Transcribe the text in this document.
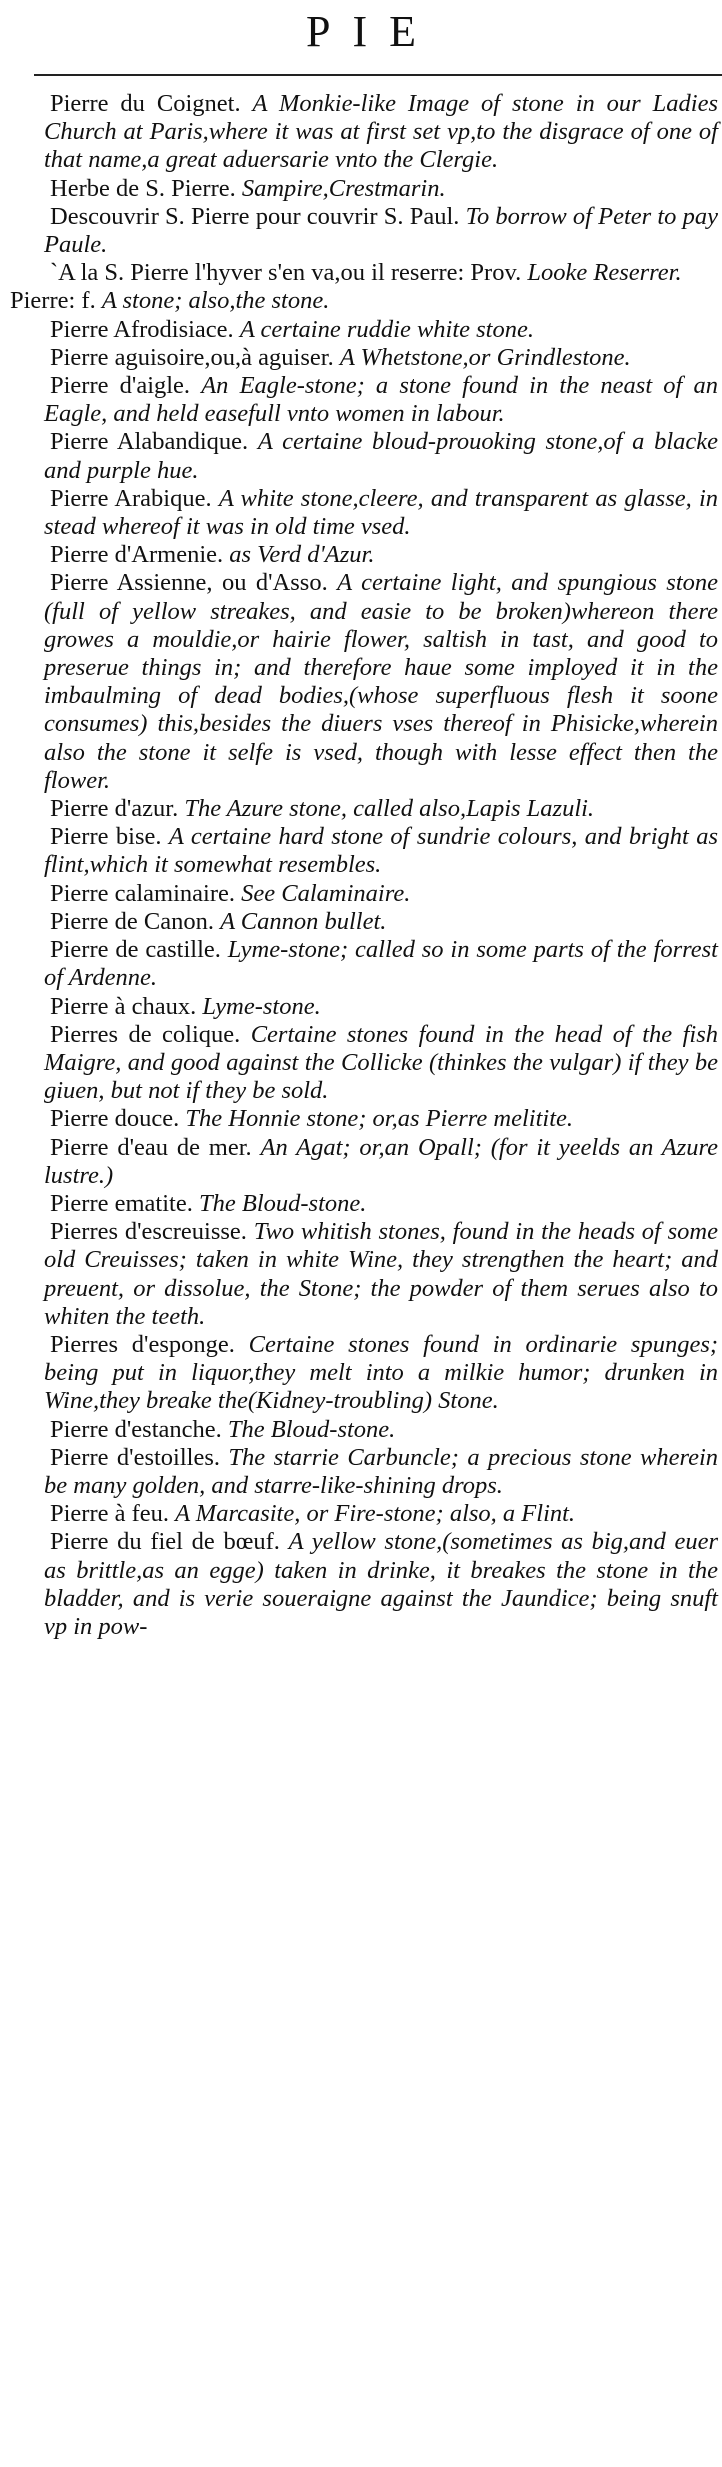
PIE
Pierre du Coignet. A Monkie-like Image of stone in our Ladies Church at Paris,where it was at first set vp,to the disgrace of one of that name,a great aduersarie vnto the Clergie.
Herbe de S. Pierre. Sampire,Crestmarin.
Descouvrir S. Pierre pour couvrir S. Paul. To borrow of Peter to pay Paule.
`A la S. Pierre l'hyver s'en va,ou il reserre: Prov. Looke Reserrer.
Pierre: f. A stone; also,the stone.
Pierre Afrodisiace. A certaine ruddie white stone.
Pierre aguisoire,ou,à aguiser. A Whetstone,or Grindlestone.
Pierre d'aigle. An Eagle-stone; a stone found in the neast of an Eagle, and held easefull vnto women in labour.
Pierre Alabandique. A certaine bloud-prouoking stone,of a blacke and purple hue.
Pierre Arabique. A white stone,cleere, and transparent as glasse, in stead whereof it was in old time vsed.
Pierre d'Armenie. as Verd d'Azur.
Pierre Assienne, ou d'Asso. A certaine light, and spungious stone (full of yellow streakes, and easie to be broken)whereon there growes a mouldie,or hairie flower, saltish in tast, and good to preserue things in; and therefore haue some imployed it in the imbaulming of dead bodies,(whose superfluous flesh it soone consumes) this,besides the diuers vses thereof in Phisicke,wherein also the stone it selfe is vsed, though with lesse effect then the flower.
Pierre d'azur. The Azure stone, called also,Lapis Lazuli.
Pierre bise. A certaine hard stone of sundrie colours, and bright as flint,which it somewhat resembles.
Pierre calaminaire. See Calaminaire.
Pierre de Canon. A Cannon bullet.
Pierre de castille. Lyme-stone; called so in some parts of the forrest of Ardenne.
Pierre à chaux. Lyme-stone.
Pierres de colique. Certaine stones found in the head of the fish Maigre, and good against the Collicke (thinkes the vulgar) if they be giuen, but not if they be sold.
Pierre douce. The Honnie stone; or,as Pierre melitite.
Pierre d'eau de mer. An Agat; or,an Opall; (for it yeelds an Azure lustre.)
Pierre ematite. The Bloud-stone.
Pierres d'escreuisse. Two whitish stones, found in the heads of some old Creuisses; taken in white Wine, they strengthen the heart; and preuent, or dissolue, the Stone; the powder of them serues also to whiten the teeth.
Pierres d'esponge. Certaine stones found in ordinarie spunges; being put in liquor,they melt into a milkie humor; drunken in Wine,they breake the(Kidney-troubling) Stone.
Pierre d'estanche. The Bloud-stone.
Pierre d'estoilles. The starrie Carbuncle; a precious stone wherein be many golden, and starre-like-shining drops.
Pierre à feu. A Marcasite, or Fire-stone; also, a Flint.
Pierre du fiel de bœuf. A yellow stone,(sometimes as big,and euer as brittle,as an egge) taken in drinke, it breakes the stone in the bladder, and is verie soueraigne against the Jaundice; being snuft vp in pow-
